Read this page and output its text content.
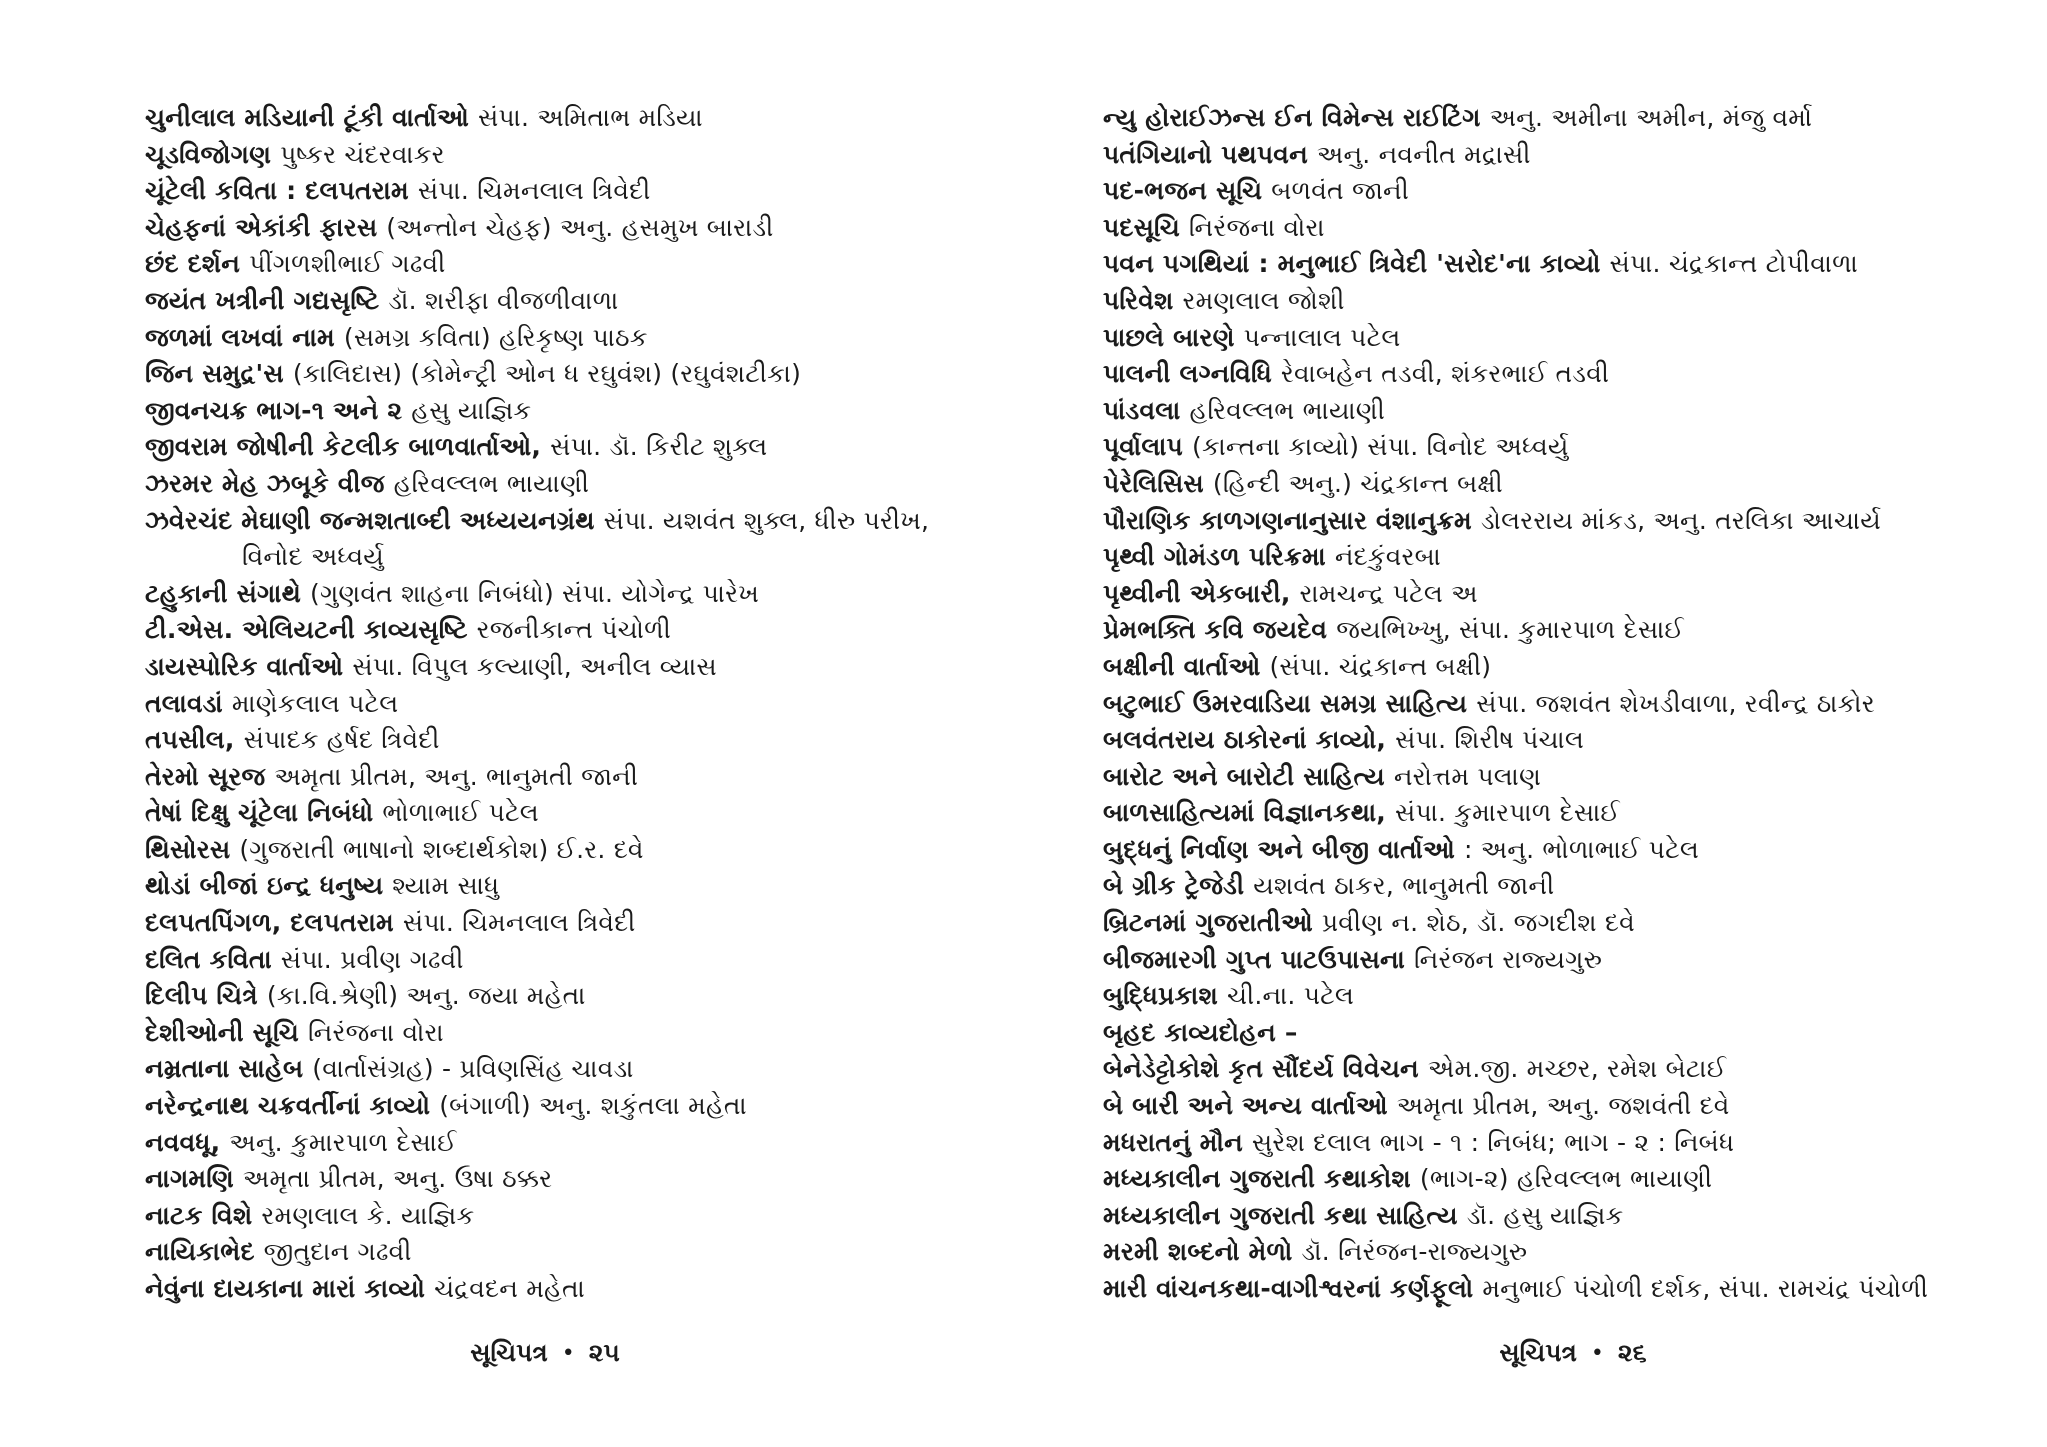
ચુનીલાલ મડિયાની ટૂંકી વાર્તાઓ સંપા. અમિતાભ મડિયા
ચૂડવિજોગણ પુષ્કર ચંદરવાકર
ચૂંટેલી કવિતા : દલપતરામ સંપા. ચિમનલાલ ત્રિવેદી
ચેહફનાં એકાંકી ફારસ (અન્તોન ચેહફ) અનુ. હસમુખ બારાડી
છંદ દર્શન પીંગળશીભાઈ ગઢવી
જયંત ખત્રીની ગદ્યસૃષ્ટિ ડૉ. શરીફા વીજળીવાળા
જળમાં લખવાં નામ (સમગ્ર કવિતા) હરિકૃષ્ણ પાઠક
જિન સમુદ્ર'સ (કાલિદાસ) (કોમેન્ટ્રી ઓન ધ રઘુવંશ) (રઘુવંશટીકા)
જીવનચક્ર ભાગ-૧ અને ૨ હસુ યાજ્ઞિક
જીવરામ જોષીની કેટલીક બાળવાર્તાઓ, સંપા. ડૉ. કિરીટ શુક્લ
ઝરમર મેહ ઝબૂકે વીજ હરિવલ્લભ ભાયાણી
ઝવેરચંદ મેઘાણી જન્મશતાબ્દી અધ્યયનગ્રંથ સંપા. યશવંત શુક્લ, ધીરુ પરીખ,
વિનોદ અધ્વર્યુ
ટહુકાની સંગાથે (ગુણવંત શાહના નિબંધો) સંપા. યોગેન્દ્ર પારેખ
ટી.એસ. એલિયટની કાવ્યસૃષ્ટિ રજનીકાન્ત પંચોળી
ડાયસ્પોરિક વાર્તાઓ સંપા. વિપુલ કલ્યાણી, અનીલ વ્યાસ
તલાવડાં માણેકલાલ પટેલ
તપસીલ, સંપાદક હર્ષદ ત્રિવેદી
તેરમો સૂરજ અમૃતા પ્રીતમ, અનુ. ભાનુમતી જાની
તેષાં દિક્ષુ ચૂંટેલા નિબંધો ભોળાભાઈ પટેલ
થિસોરસ (ગુજરાતી ભાષાનો શબ્દાર્થકોશ) ઈ.ર. દવે
થોડાં બીજાં ઇન્દ્ર ધનુષ્ય શ્યામ સાધુ
દલપતપિંગળ, દલપતરામ સંપા. ચિમનલાલ ત્રિવેદી
દલિત કવિતા સંપા. પ્રવીણ ગઢવી
દિલીપ ચિત્રે (કા.વિ.શ્રેણી) અનુ. જયા મહેતા
દેશીઓની સૂચિ નિરંજના વોરા
નમ્રતાના સાહેબ (વાર્તાસંગ્રહ) - પ્રવિણસિંહ ચાવડા
નરેન્દ્રનાથ ચક્રવર્તીનાં કાવ્યો (બંગાળી) અનુ. શકુંતલા મહેતા
નવવધૂ, અનુ. કુમારપાળ દેસાઈ
નાગમણિ અમૃતા પ્રીતમ, અનુ. ઉષા ઠક્કર
નાટક વિશે રમણલાલ કે. યાજ્ઞિક
નાયિકાભેદ જીતુદાન ગઢવી
નેવુંના દાયકાના મારાં કાવ્યો ચંદ્રવદન મહેતા
સૂચિપત્ર • ૨૫
ન્યુ હોરાઈઝન્સ ઈન વિમેન્સ રાઈટિંગ અનુ. અમીના અમીન, મંજુ વર્મા
પતંગિયાનો પથપવન અનુ. નવનીત મદ્રાસી
પદ-ભજન સૂચિ બળવંત જાની
પદસૂચિ નિરંજના વોરા
પવન પગથિયાં : મનુભાઈ ત્રિવેદી 'સરોદ'ના કાવ્યો સંપા. ચંદ્રકાન્ત ટોપીવાળા
પરિવેશ રમણલાલ જોશી
પાછલે બારણે પન્નાલાલ પટેલ
પાલની લગ્નવિધિ રેવાબહેન તડવી, શંકરભાઈ તડવી
પાંડવલા હરિવલ્લભ ભાયાણી
પૂર્વાલાપ (કાન્તના કાવ્યો) સંપા. વિનોદ અધ્વર્યુ
પેરેલિસિસ (હિન્દી અનુ.) ચંદ્રકાન્ત બક્ષી
પૌરાણિક કાળગણનાનુસાર વંશાનુક્રમ ડોલરરાય માંકડ, અનુ. તરલિકા આચાર્ય
પૃથ્વી ગોમંડળ પરિક્રમા નંદકુંવરબા
પૃથ્વીની એકબારી, રામચન્દ્ર પટેલ અ
પ્રેમભક્તિ કવિ જયદેવ જયભિખ્ખુ, સંપા. કુમારપાળ દેસાઈ
બક્ષીની વાર્તાઓ (સંપા. ચંદ્રકાન્ત બક્ષી)
બટુભાઈ ઉમરવાડિયા સમગ્ર સાહિત્ય સંપા. જશવંત શેખડીવાળા, રવીન્દ્ર ઠાકોર
બલવંતરાય ઠાકોરનાં કાવ્યો, સંપા. શિરીષ પંચાલ
બારોટ અને બારોટી સાહિત્ય નરોત્તમ પલાણ
બાળસાહિત્યમાં વિજ્ઞાનકથા, સંપા. કુમારપાળ દેસાઈ
બુદ્ધનું નિર્વાણ અને બીજી વાર્તાઓ : અનુ. ભોળાભાઈ પટેલ
બે ગ્રીક ટ્રેજેડી યશવંત ઠાકર, ભાનુમતી જાની
બ્રિટનમાં ગુજરાતીઓ પ્રવીણ ન. શેઠ, ડૉ. જગદીશ દવે
બીજમારગી ગુપ્ત પાટઉપાસના નિરંજન રાજ્યગુરુ
બુદ્ધિપ્રકાશ ચી.ના. પટેલ
બૃહદ કાવ્યદોહન –
બેનેડેટ્ટોકોશે કૃત સૌંદર્ય વિવેચન એમ.જી. મચ્છર, રમેશ બેટાઈ
બે બારી અને અન્ય વાર્તાઓ અમૃતા પ્રીતમ, અનુ. જશવંતી દવે
મધરાતનું મૌન સુરેશ દલાલ ભાગ - ૧ : નિબંધ; ભાગ - ૨ : નિબંધ
મધ્યકાલીન ગુજરાતી કથાકોશ (ભાગ-૨) હરિવલ્લભ ભાયાણી
મધ્યકાલીન ગુજરાતી કથા સાહિત્ય ડૉ. હસુ યાજ્ઞિક
મરમી શબ્દનો મેળો ડૉ. નિરંજન-રાજ્યગુરુ
મારી વાંચનકથા-વાગીશ્વરનાં કર્ણફૂલો મનુભાઈ પંચોળી દર્શક, સંપા. રામચંદ્ર પંચોળી
સૂચિપત્ર • ૨૬
